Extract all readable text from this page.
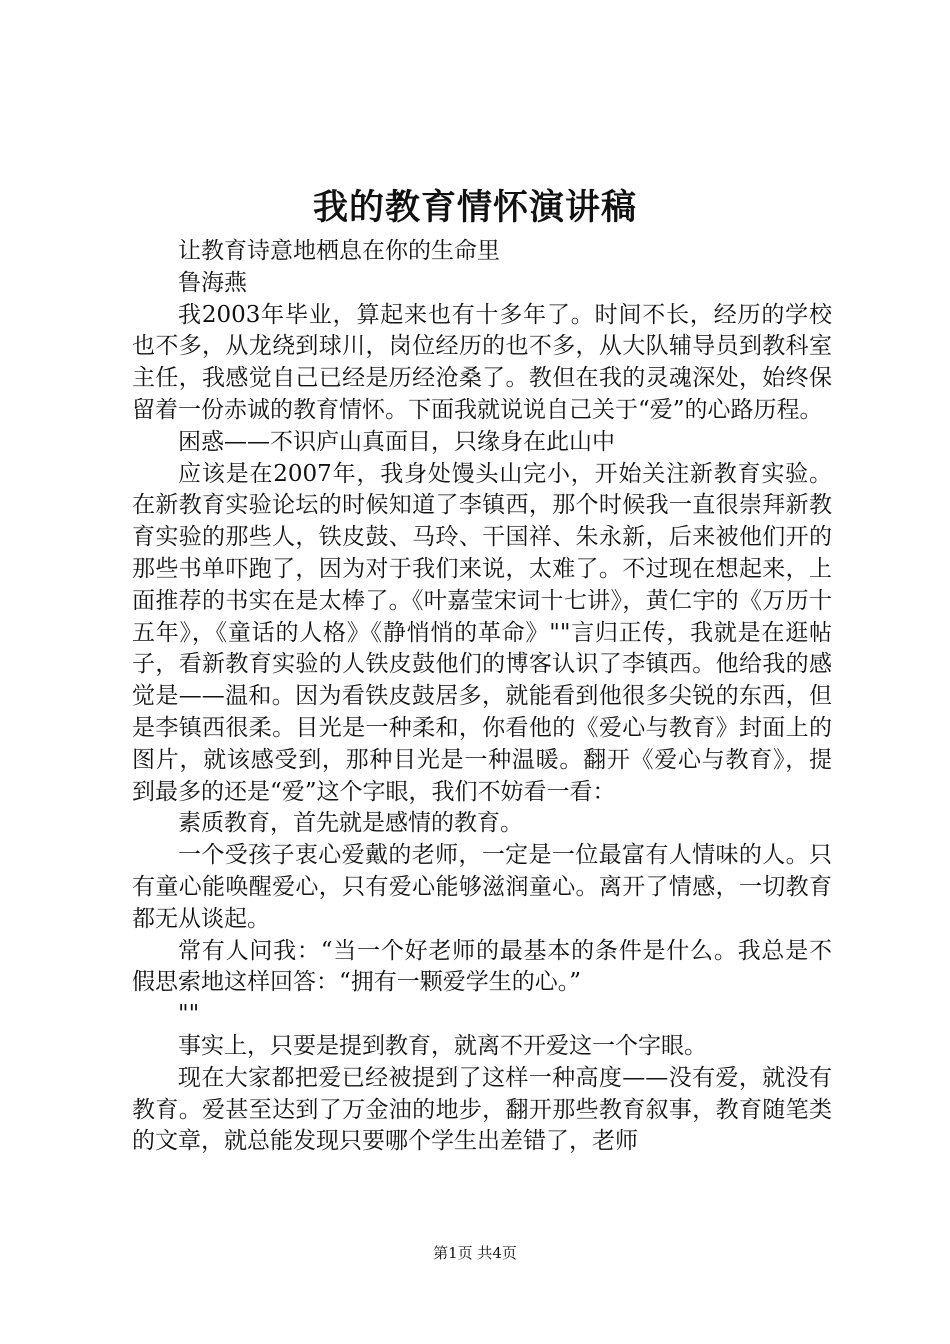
我的教育情怀演讲稿

让教育诗意地栖息在你的生命里

鲁海燕

我2003年毕业，算起来也有十多年了。时间不长，经历的学校也不多，从龙绕到球川，岗位经历的也不多，从大队辅导员到教科室主任，我感觉自己已经是历经沧桑了。教但在我的灵魂深处，始终保留着一份赤诚的教育情怀。下面我就说说自己关于“爱”的心路历程。

困惑——不识庐山真面目，只缘身在此山中

应该是在2007年，我身处馒头山完小，开始关注新教育实验。在新教育实验论坛的时候知道了李镇西，那个时候我一直很崇拜新教育实验的那些人，铁皮鼓、马玲、干国祥、朱永新，后来被他们开的那些书单吓跑了，因为对于我们来说，太难了。不过现在想起来，上面推荐的书实在是太棒了。《叶嘉莹宋词十七讲》，黄仁宇的《万历十五年》，《童话的人格》《静悄悄的革命》""言归正传，我就是在逛帖子，看新教育实验的人铁皮鼓他们的博客认识了李镇西。他给我的感觉是——温和。因为看铁皮鼓居多，就能看到他很多尖锐的东西，但是李镇西很柔。目光是一种柔和，你看他的《爱心与教育》封面上的图片，就该感受到，那种目光是一种温暖。翻开《爱心与教育》，提到最多的还是“爱”这个字眼，我们不妨看一看：

素质教育，首先就是感情的教育。

一个受孩子衷心爱戴的老师，一定是一位最富有人情味的人。只有童心能唤醒爱心，只有爱心能够滋润童心。离开了情感，一切教育都无从谈起。

常有人问我：“当一个好老师的最基本的条件是什么。我总是不假思索地这样回答：“拥有一颗爱学生的心。”

""

事实上，只要是提到教育，就离不开爱这一个字眼。

现在大家都把爱已经被提到了这样一种高度——没有爱，就没有教育。爱甚至达到了万金油的地步，翻开那些教育叙事，教育随笔类的文章，就总能发现只要哪个学生出差错了，老师

第1页 共4页
